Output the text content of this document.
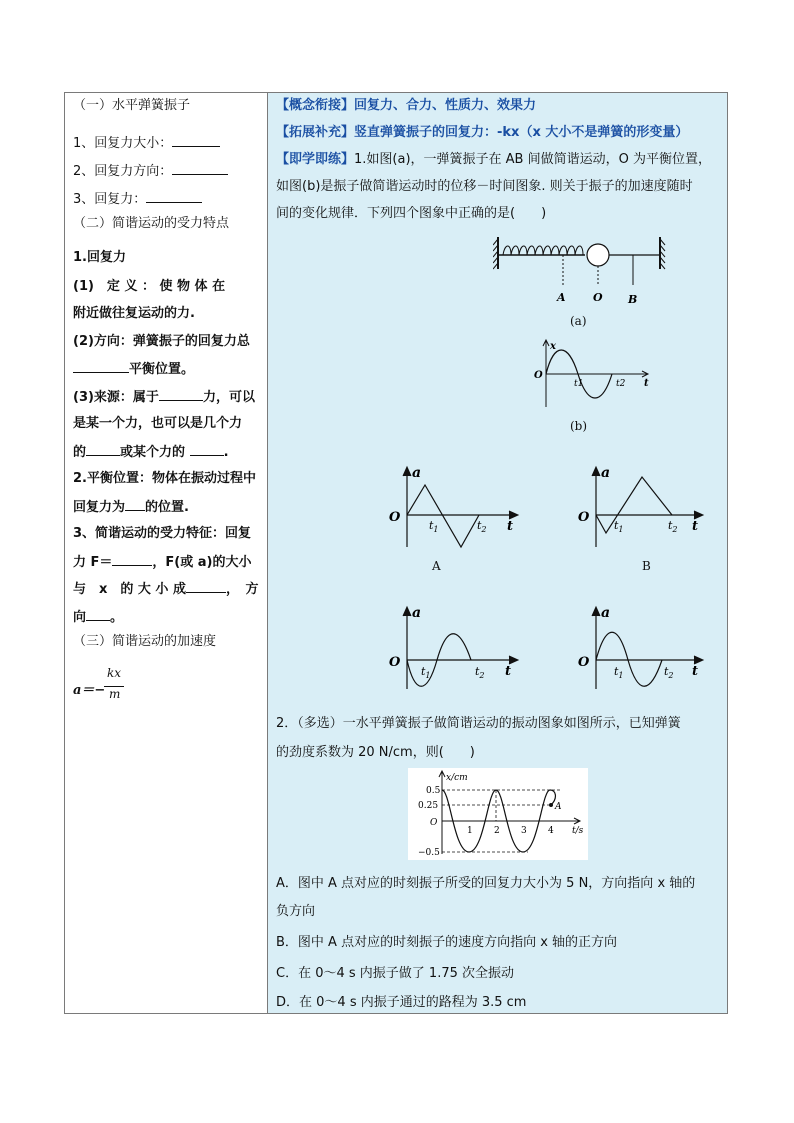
（一）水平弹簧振子
1、回复力大小：
2、回复力方向：
3、回复力：
（二）简谐运动的受力特点
1.回复力
(1)　定 义 ： 使 物 体 在
附近做往复运动的力.
(2)方向：弹簧振子的回复力总
平衡位置。
(3)来源：属于	力，可以
是某一个力，也可以是几个力
的	或某个力的	.
2.平衡位置：物体在振动过程中
回复力为 的位置.
3、简谐运动的受力特征：回复
力 F＝	，F(或 a)的大小
与　x　的 大 小 成	，　方
向 。
（三）简谐运动的加速度
a＝−
kx
m
【概念衔接】回复力、合力、性质力、效果力
【拓展补充】竖直弹簧振子的回复力：-kx（x 大小不是弹簧的形变量）
【即学即练】1.如图(a)，一弹簧振子在 AB 间做简谐运动，O 为平衡位置，
如图(b)是振子做简谐运动时的位移－时间图象. 则关于振子的加速度随时
间的变化规律．下列四个图象中正确的是(　　)
A O B
(a)
x
O
t1	t2 t
(b)
a
O
$t_1$	$t_2$ t
A
a
O
$t_1$	$t_2$ t
B
a
O
$t_1$	$t_2$ t
a
O
$t_1$	$t_2$ t
2．（多选）一水平弹簧振子做简谐运动的振动图象如图所示，已知弹簧
的劲度系数为 20 N/cm，则(　　)
x/cm
A
0.5
0.25
O
−0.5
1 2 3 4 t/s
A．图中 A 点对应的时刻振子所受的回复力大小为 5 N，方向指向 x 轴的
负方向
B．图中 A 点对应的时刻振子的速度方向指向 x 轴的正方向
C．在 0～4 s 内振子做了 1.75 次全振动
D．在 0～4 s 内振子通过的路程为 3.5 cm
